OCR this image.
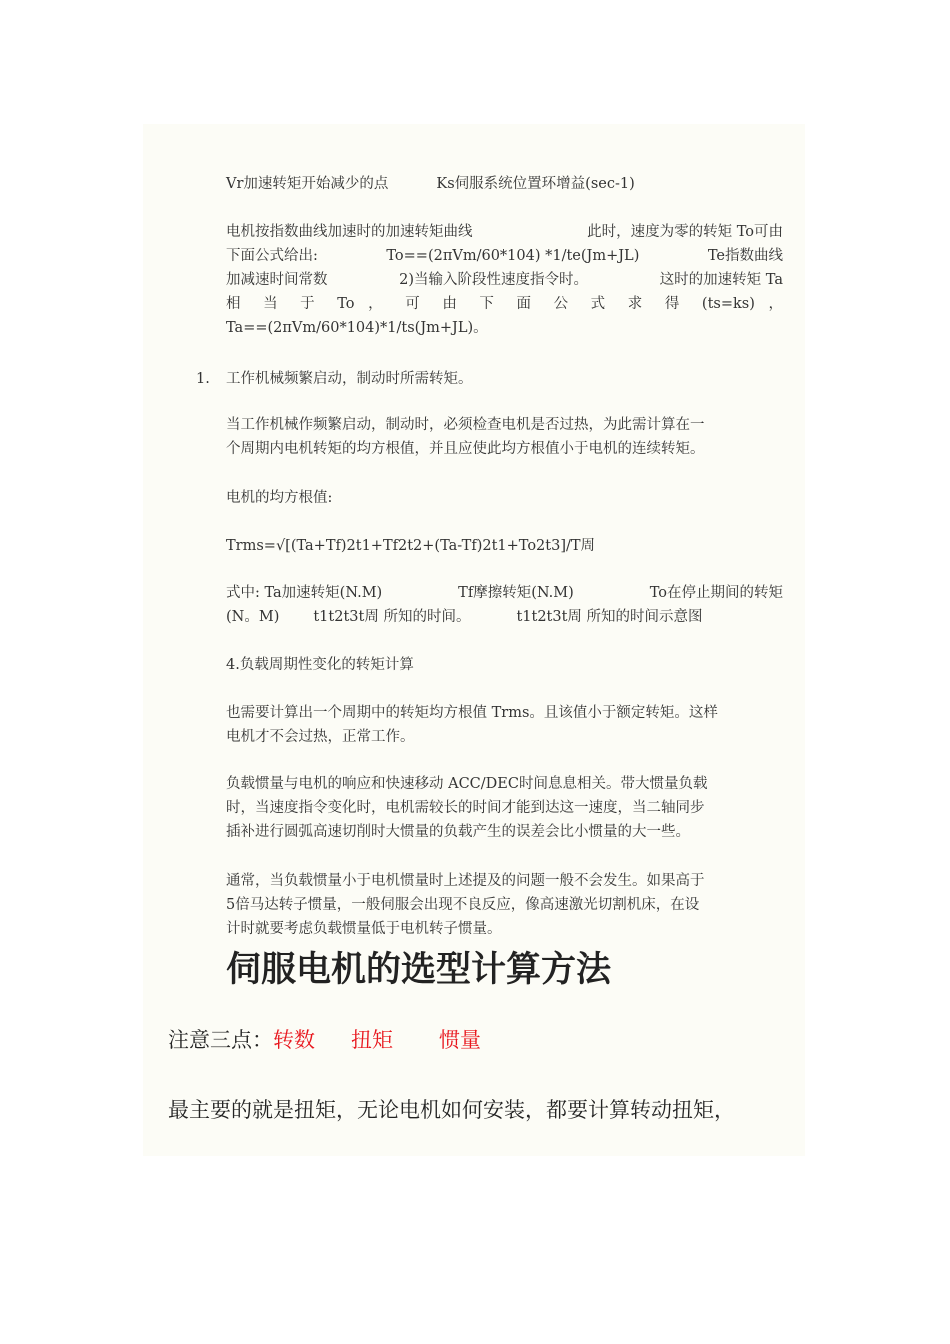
Vr加速转矩开始减少的点	Ks伺服系统位置环增益(sec-1)
电机按指数曲线加速时的加速转矩曲线	此时，速度为零的转矩 To可由
下面公式给出:	To==(2πVm/60*104) *1/te(Jm+JL)	Te指数曲线
加减速时间常数	2)当输入阶段性速度指令时。	这时的加速转矩 Ta
相 当 于 To ， 可 由 下 面 公 式 求 得 (ts=ks) ，
Ta==(2πVm/60*104)*1/ts(Jm+JL)。
工作机械频繁启动，制动时所需转矩。
当工作机械作频繁启动，制动时，必须检查电机是否过热，为此需计算在一
个周期内电机转矩的均方根值，并且应使此均方根值小于电机的连续转矩。
电机的均方根值:
Trms=√[(Ta+Tf)2t1+Tf2t2+(Ta-Tf)2t1+To2t3]/T周
式中: Ta加速转矩(N.M)	Tf摩擦转矩(N.M)	To在停止期间的转矩
(N。M) t1t2t3t周 所知的时间。	t1t2t3t周 所知的时间示意图
4.负载周期性变化的转矩计算
也需要计算出一个周期中的转矩均方根值 Trms。且该值小于额定转矩。这样
电机才不会过热，正常工作。
负载惯量与电机的响应和快速移动 ACC/DEC时间息息相关。带大惯量负载
时，当速度指令变化时，电机需较长的时间才能到达这一速度，当二轴同步
插补进行圆弧高速切削时大惯量的负载产生的误差会比小惯量的大一些。
通常，当负载惯量小于电机惯量时上述提及的问题一般不会发生。如果高于
5倍马达转子惯量，一般伺服会出现不良反应，像高速激光切割机床，在设
计时就要考虑负载惯量低于电机转子惯量。
1.
伺服电机的选型计算方法
注意三点：转数 扭矩 惯量
最主要的就是扭矩，无论电机如何安装，都要计算转动扭矩，
